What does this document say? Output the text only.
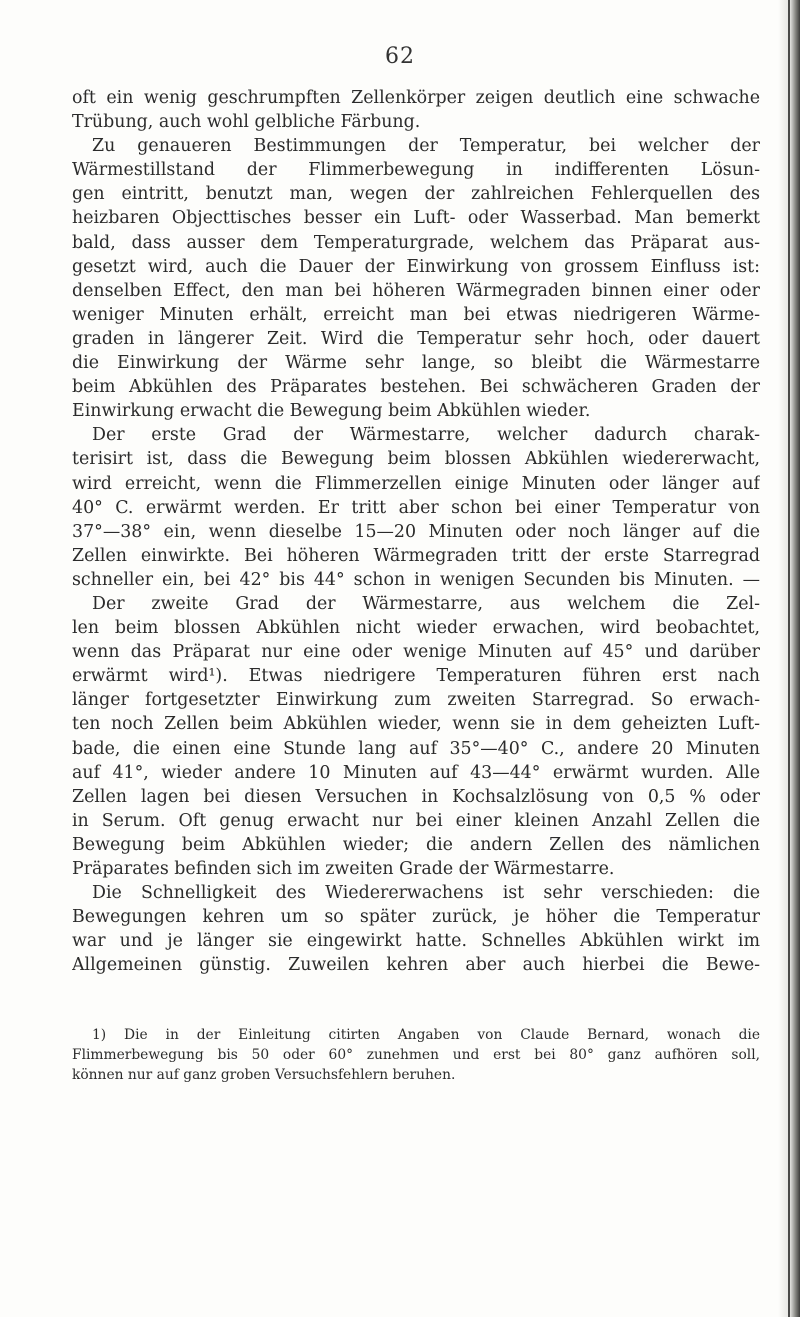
62
oft ein wenig geschrumpften Zellenkörper zeigen deutlich eine schwache
Trübung, auch wohl gelbliche Färbung.
Zu genaueren Bestimmungen der Temperatur, bei welcher der
Wärmestillstand der Flimmerbewegung in indifferenten Lösun-
gen eintritt, benutzt man, wegen der zahlreichen Fehlerquellen des
heizbaren Objecttisches besser ein Luft- oder Wasserbad. Man bemerkt
bald, dass ausser dem Temperaturgrade, welchem das Präparat aus-
gesetzt wird, auch die Dauer der Einwirkung von grossem Einfluss ist:
denselben Effect, den man bei höheren Wärmegraden binnen einer oder
weniger Minuten erhält, erreicht man bei etwas niedrigeren Wärme-
graden in längerer Zeit. Wird die Temperatur sehr hoch, oder dauert
die Einwirkung der Wärme sehr lange, so bleibt die Wärmestarre
beim Abkühlen des Präparates bestehen. Bei schwächeren Graden der
Einwirkung erwacht die Bewegung beim Abkühlen wieder.
Der erste Grad der Wärmestarre, welcher dadurch charak-
terisirt ist, dass die Bewegung beim blossen Abkühlen wiedererwacht,
wird erreicht, wenn die Flimmerzellen einige Minuten oder länger auf
40° C. erwärmt werden. Er tritt aber schon bei einer Temperatur von
37°—38° ein, wenn dieselbe 15—20 Minuten oder noch länger auf die
Zellen einwirkte. Bei höheren Wärmegraden tritt der erste Starregrad
schneller ein, bei 42° bis 44° schon in wenigen Secunden bis Minuten. —
Der zweite Grad der Wärmestarre, aus welchem die Zel-
len beim blossen Abkühlen nicht wieder erwachen, wird beobachtet,
wenn das Präparat nur eine oder wenige Minuten auf 45° und darüber
erwärmt wird¹). Etwas niedrigere Temperaturen führen erst nach
länger fortgesetzter Einwirkung zum zweiten Starregrad. So erwach-
ten noch Zellen beim Abkühlen wieder, wenn sie in dem geheizten Luft-
bade, die einen eine Stunde lang auf 35°—40° C., andere 20 Minuten
auf 41°, wieder andere 10 Minuten auf 43—44° erwärmt wurden. Alle
Zellen lagen bei diesen Versuchen in Kochsalzlösung von 0,5 % oder
in Serum. Oft genug erwacht nur bei einer kleinen Anzahl Zellen die
Bewegung beim Abkühlen wieder; die andern Zellen des nämlichen
Präparates befinden sich im zweiten Grade der Wärmestarre.
Die Schnelligkeit des Wiedererwachens ist sehr verschieden: die
Bewegungen kehren um so später zurück, je höher die Temperatur
war und je länger sie eingewirkt hatte. Schnelles Abkühlen wirkt im
Allgemeinen günstig. Zuweilen kehren aber auch hierbei die Bewe-
1) Die in der Einleitung citirten Angaben von Claude Bernard, wonach die
Flimmerbewegung bis 50 oder 60° zunehmen und erst bei 80° ganz aufhören soll,
können nur auf ganz groben Versuchsfehlern beruhen.
